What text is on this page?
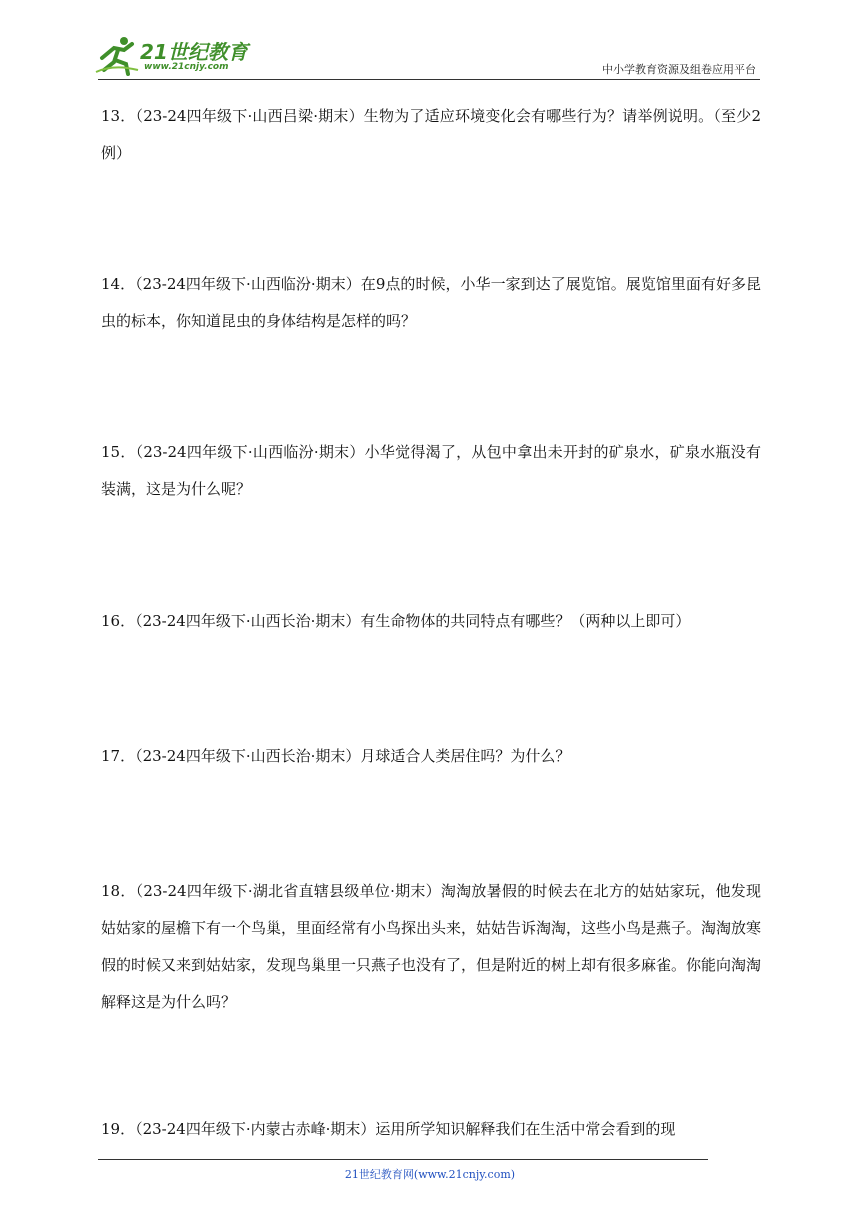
21世纪教育
www.21cnjy.com	中小学教育资源及组卷应用平台
13．（23-24四年级下·山西吕梁·期末）生物为了适应环境变化会有哪些行为？请举例说明。（至少2例）
14．（23-24四年级下·山西临汾·期末）在9点的时候，小华一家到达了展览馆。展览馆里面有好多昆虫的标本，你知道昆虫的身体结构是怎样的吗？
15．（23-24四年级下·山西临汾·期末）小华觉得渴了，从包中拿出未开封的矿泉水，矿泉水瓶没有装满，这是为什么呢？
16．（23-24四年级下·山西长治·期末）有生命物体的共同特点有哪些？（两种以上即可）
17．（23-24四年级下·山西长治·期末）月球适合人类居住吗？为什么？
18．（23-24四年级下·湖北省直辖县级单位·期末）淘淘放暑假的时候去在北方的姑姑家玩，他发现姑姑家的屋檐下有一个鸟巢，里面经常有小鸟探出头来，姑姑告诉淘淘，这些小鸟是燕子。淘淘放寒假的时候又来到姑姑家，发现鸟巢里一只燕子也没有了，但是附近的树上却有很多麻雀。你能向淘淘解释这是为什么吗？
19．（23-24四年级下·内蒙古赤峰·期末）运用所学知识解释我们在生活中常会看到的现
21世纪教育网(www.21cnjy.com)
